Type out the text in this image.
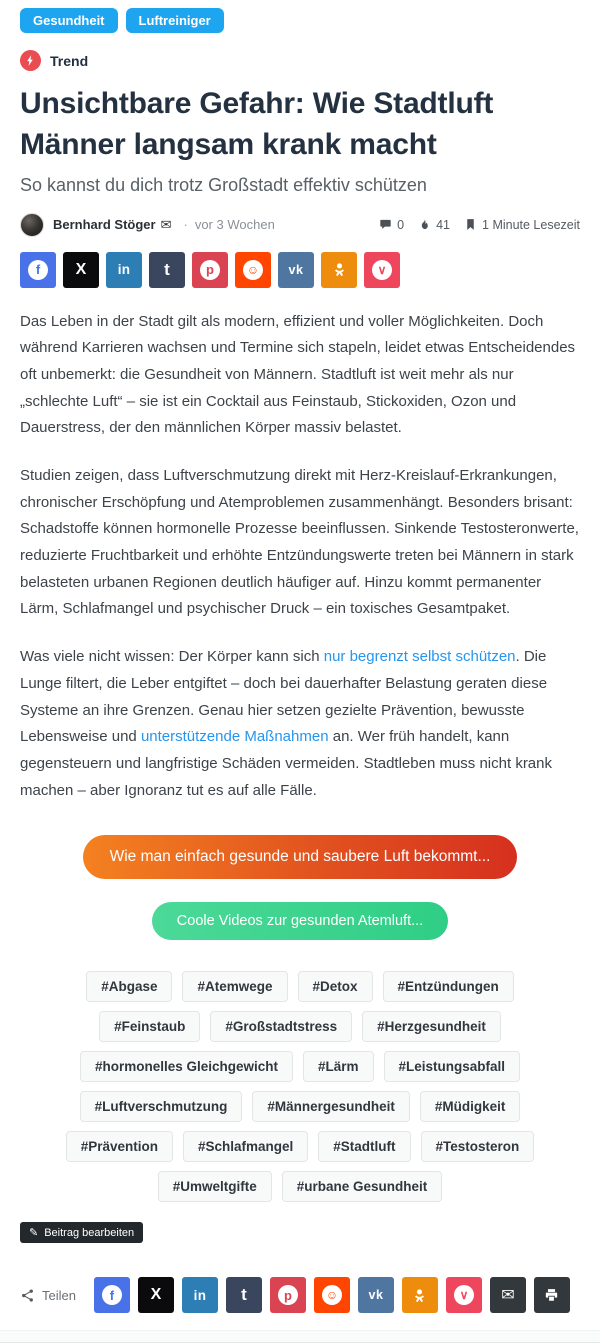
Gesundheit	Luftreiniger
Trend
Unsichtbare Gefahr: Wie Stadtluft Männer langsam krank macht
So kannst du dich trotz Großstadt effektiv schützen
Bernhard Stöger ✉ · vor 3 Wochen	0	41	1 Minute Lesezeit
f	X in t	p	☺	vk	∨

Das Leben in der Stadt gilt als modern, effizient und voller Möglichkeiten. Doch während Karrieren wachsen und Termine sich stapeln, leidet etwas Entscheidendes oft unbemerkt: die Gesundheit von Männern. Stadtluft ist weit mehr als nur „schlechte Luft“ – sie ist ein Cocktail aus Feinstaub, Stickoxiden, Ozon und Dauerstress, der den männlichen Körper massiv belastet.

Studien zeigen, dass Luftverschmutzung direkt mit Herz-Kreislauf-Erkrankungen, chronischer Erschöpfung und Atemproblemen zusammenhängt. Besonders brisant: Schadstoffe können hormonelle Prozesse beeinflussen. Sinkende Testosteronwerte, reduzierte Fruchtbarkeit und erhöhte Entzündungswerte treten bei Männern in stark belasteten urbanen Regionen deutlich häufiger auf. Hinzu kommt permanenter Lärm, Schlafmangel und psychischer Druck – ein toxisches Gesamtpaket.

Was viele nicht wissen: Der Körper kann sich nur begrenzt selbst schützen. Die Lunge filtert, die Leber entgiftet – doch bei dauerhafter Belastung geraten diese Systeme an ihre Grenzen. Genau hier setzen gezielte Prävention, bewusste Lebensweise und unterstützende Maßnahmen an. Wer früh handelt, kann gegensteuern und langfristige Schäden vermeiden. Stadtleben muss nicht krank machen – aber Ignoranz tut es auf alle Fälle.

Wie man einfach gesunde und saubere Luft bekommt...
Coole Videos zur gesunden Atemluft...
#Abgase	#Atemwege	#Detox	#Entzündungen
#Feinstaub	#Großstadtstress	#Herzgesundheit
#hormonelles Gleichgewicht	#Lärm	#Leistungsabfall
#Luftverschmutzung	#Männergesundheit	#Müdigkeit
#Prävention	#Schlafmangel	#Stadtluft	#Testosteron
#Umweltgifte	#urbane Gesundheit
✎ Beitrag bearbeiten
Teilen	f	X in t	p	☺	vk	∨	✉
